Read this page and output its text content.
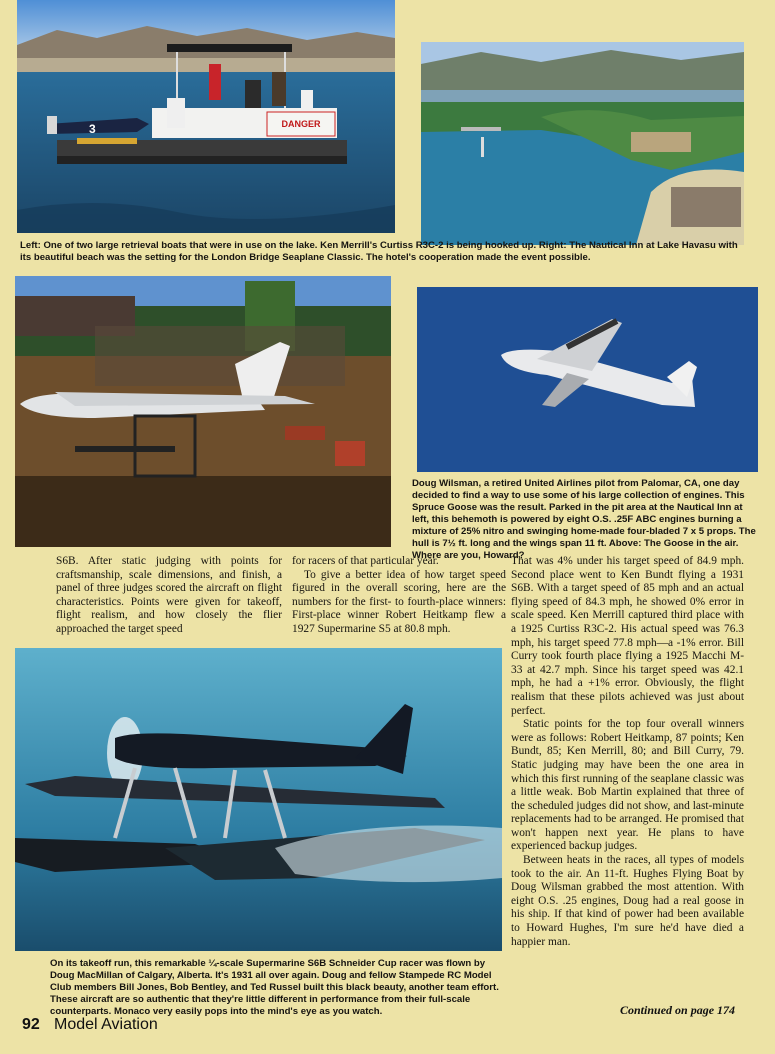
DANGER
3

Left: One of two large retrieval boats that were in use on the lake. Ken Merrill's Curtiss R3C-2 is being hooked up. Right: The Nautical Inn at Lake Havasu with its beautiful beach was the setting for the London Bridge Seaplane Classic. The hotel's cooperation made the event possible.

Doug Wilsman, a retired United Airlines pilot from Palomar, CA, one day decided to find a way to use some of his large collection of engines. This Spruce Goose was the result. Parked in the pit area at the Nautical Inn at left, this behemoth is powered by eight O.S. .25F ABC engines burning a mixture of 25% nitro and swinging home-made four-bladed 7 x 5 props. The hull is 7½ ft. long and the wings span 11 ft. Above: The Goose in the air. Where are you, Howard?

S6B. After static judging with points for craftsmanship, scale dimensions, and finish, a panel of three judges scored the aircraft on flight characteristics. Points were given for takeoff, flight realism, and how closely the flier approached the target speed

for racers of that particular year.

To give a better idea of how target speed figured in the overall scoring, here are the numbers for the first- to fourth-place winners: First-place winner Robert Heitkamp flew a 1927 Supermarine S5 at 80.8 mph.

That was 4% under his target speed of 84.9 mph. Second place went to Ken Bundt flying a 1931 S6B. With a target speed of 85 mph and an actual flying speed of 84.3 mph, he showed 0% error in scale speed. Ken Merrill captured third place with a 1925 Curtiss R3C-2. His actual speed was 76.3 mph, his target speed 77.8 mph—a -1% error. Bill Curry took fourth place flying a 1925 Macchi M-33 at 42.7 mph. Since his target speed was 42.1 mph, he had a +1% error. Obviously, the flight realism that these pilots achieved was just about perfect.

Static points for the top four overall winners were as follows: Robert Heitkamp, 87 points; Ken Bundt, 85; Ken Merrill, 80; and Bill Curry, 79. Static judging may have been the one area in which this first running of the seaplane classic was a little weak. Bob Martin explained that three of the scheduled judges did not show, and last-minute replacements had to be arranged. He promised that won't happen next year. He plans to have experienced backup judges.

Between heats in the races, all types of models took to the air. An 11-ft. Hughes Flying Boat by Doug Wilsman grabbed the most attention. With eight O.S. .25 engines, Doug had a real goose in his ship. If that kind of power had been available to Howard Hughes, I'm sure he'd have died a happier man.

On its takeoff run, this remarkable ¼-scale Supermarine S6B Schneider Cup racer was flown by Doug MacMillan of Calgary, Alberta. It's 1931 all over again. Doug and fellow Stampede RC Model Club members Bill Jones, Bob Bentley, and Ted Russel built this black beauty, another team effort. These aircraft are so authentic that they're little different in performance from their full-scale counterparts. Monaco very easily pops into the mind's eye as you watch.

92 Model Aviation
Continued on page 174
